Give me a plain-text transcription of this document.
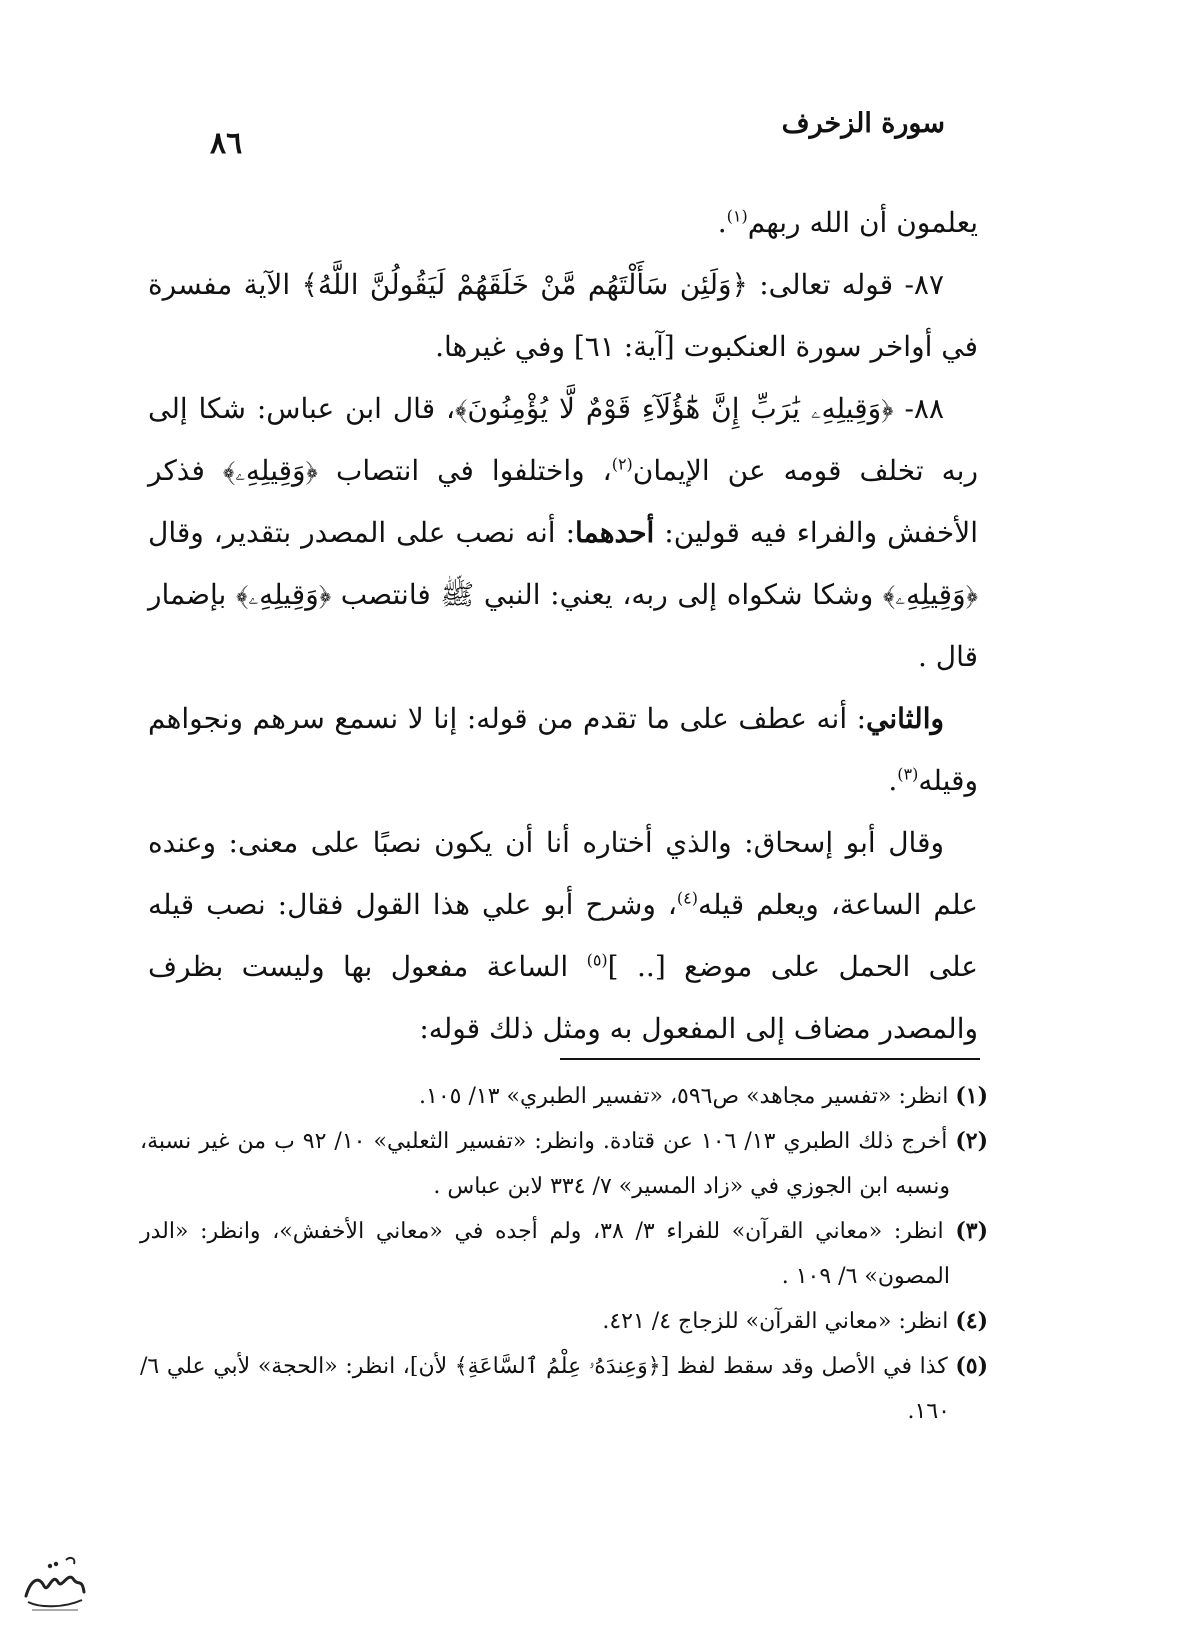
سورة الزخرف
٨٦

يعلمون أن الله ربهم$^{(١)}$.

٨٧- قوله تعالى: ﴿وَلَئِن سَأَلْتَهُم مَّنْ خَلَقَهُمْ لَيَقُولُنَّ اللَّهُ﴾ الآية مفسرة في أواخر سورة العنكبوت [آية: ٦١] وفي غيرها.

٨٨- ﴿وَقِيلِهِۦ يَٰرَبِّ إِنَّ هَٰٓؤُلَآءِ قَوْمٌ لَّا يُؤْمِنُونَ﴾، قال ابن عباس: شكا إلى ربه تخلف قومه عن الإيمان$^{(٢)}$، واختلفوا في انتصاب ﴿وَقِيلِهِۦ﴾ فذكر الأخفش والفراء فيه قولين: أحدهما: أنه نصب على المصدر بتقدير، وقال ﴿وَقِيلِهِۦ﴾ وشكا شكواه إلى ربه، يعني: النبي ﷺ فانتصب ﴿وَقِيلِهِۦ﴾ بإضمار قال .

والثاني: أنه عطف على ما تقدم من قوله: إنا لا نسمع سرهم ونجواهم وقيله$^{(٣)}$.

وقال أبو إسحاق: والذي أختاره أنا أن يكون نصبًا على معنى: وعنده علم الساعة، ويعلم قيله$^{(٤)}$، وشرح أبو علي هذا القول فقال: نصب قيله على الحمل على موضع [.. ]$^{(٥)}$ الساعة مفعول بها وليست بظرف والمصدر مضاف إلى المفعول به ومثل ذلك قوله:

(١) انظر: «تفسير مجاهد» ص٥٩٦، «تفسير الطبري» ١٣/ ١٠٥.

(٢) أخرج ذلك الطبري ١٣/ ١٠٦ عن قتادة. وانظر: «تفسير الثعلبي» ١٠/ ٩٢ ب من غير نسبة، ونسبه ابن الجوزي في «زاد المسير» ٧/ ٣٣٤ لابن عباس .

(٣) انظر: «معاني القرآن» للفراء ٣/ ٣٨، ولم أجده في «معاني الأخفش»، وانظر: «الدر المصون» ٦/ ١٠٩ .

(٤) انظر: «معاني القرآن» للزجاج ٤/ ٤٢١.

(٥) كذا في الأصل وقد سقط لفظ [﴿وَعِندَهُۥ عِلْمُ ٱلسَّاعَةِ﴾ لأن]، انظر: «الحجة» لأبي علي ٦/ ١٦٠.
